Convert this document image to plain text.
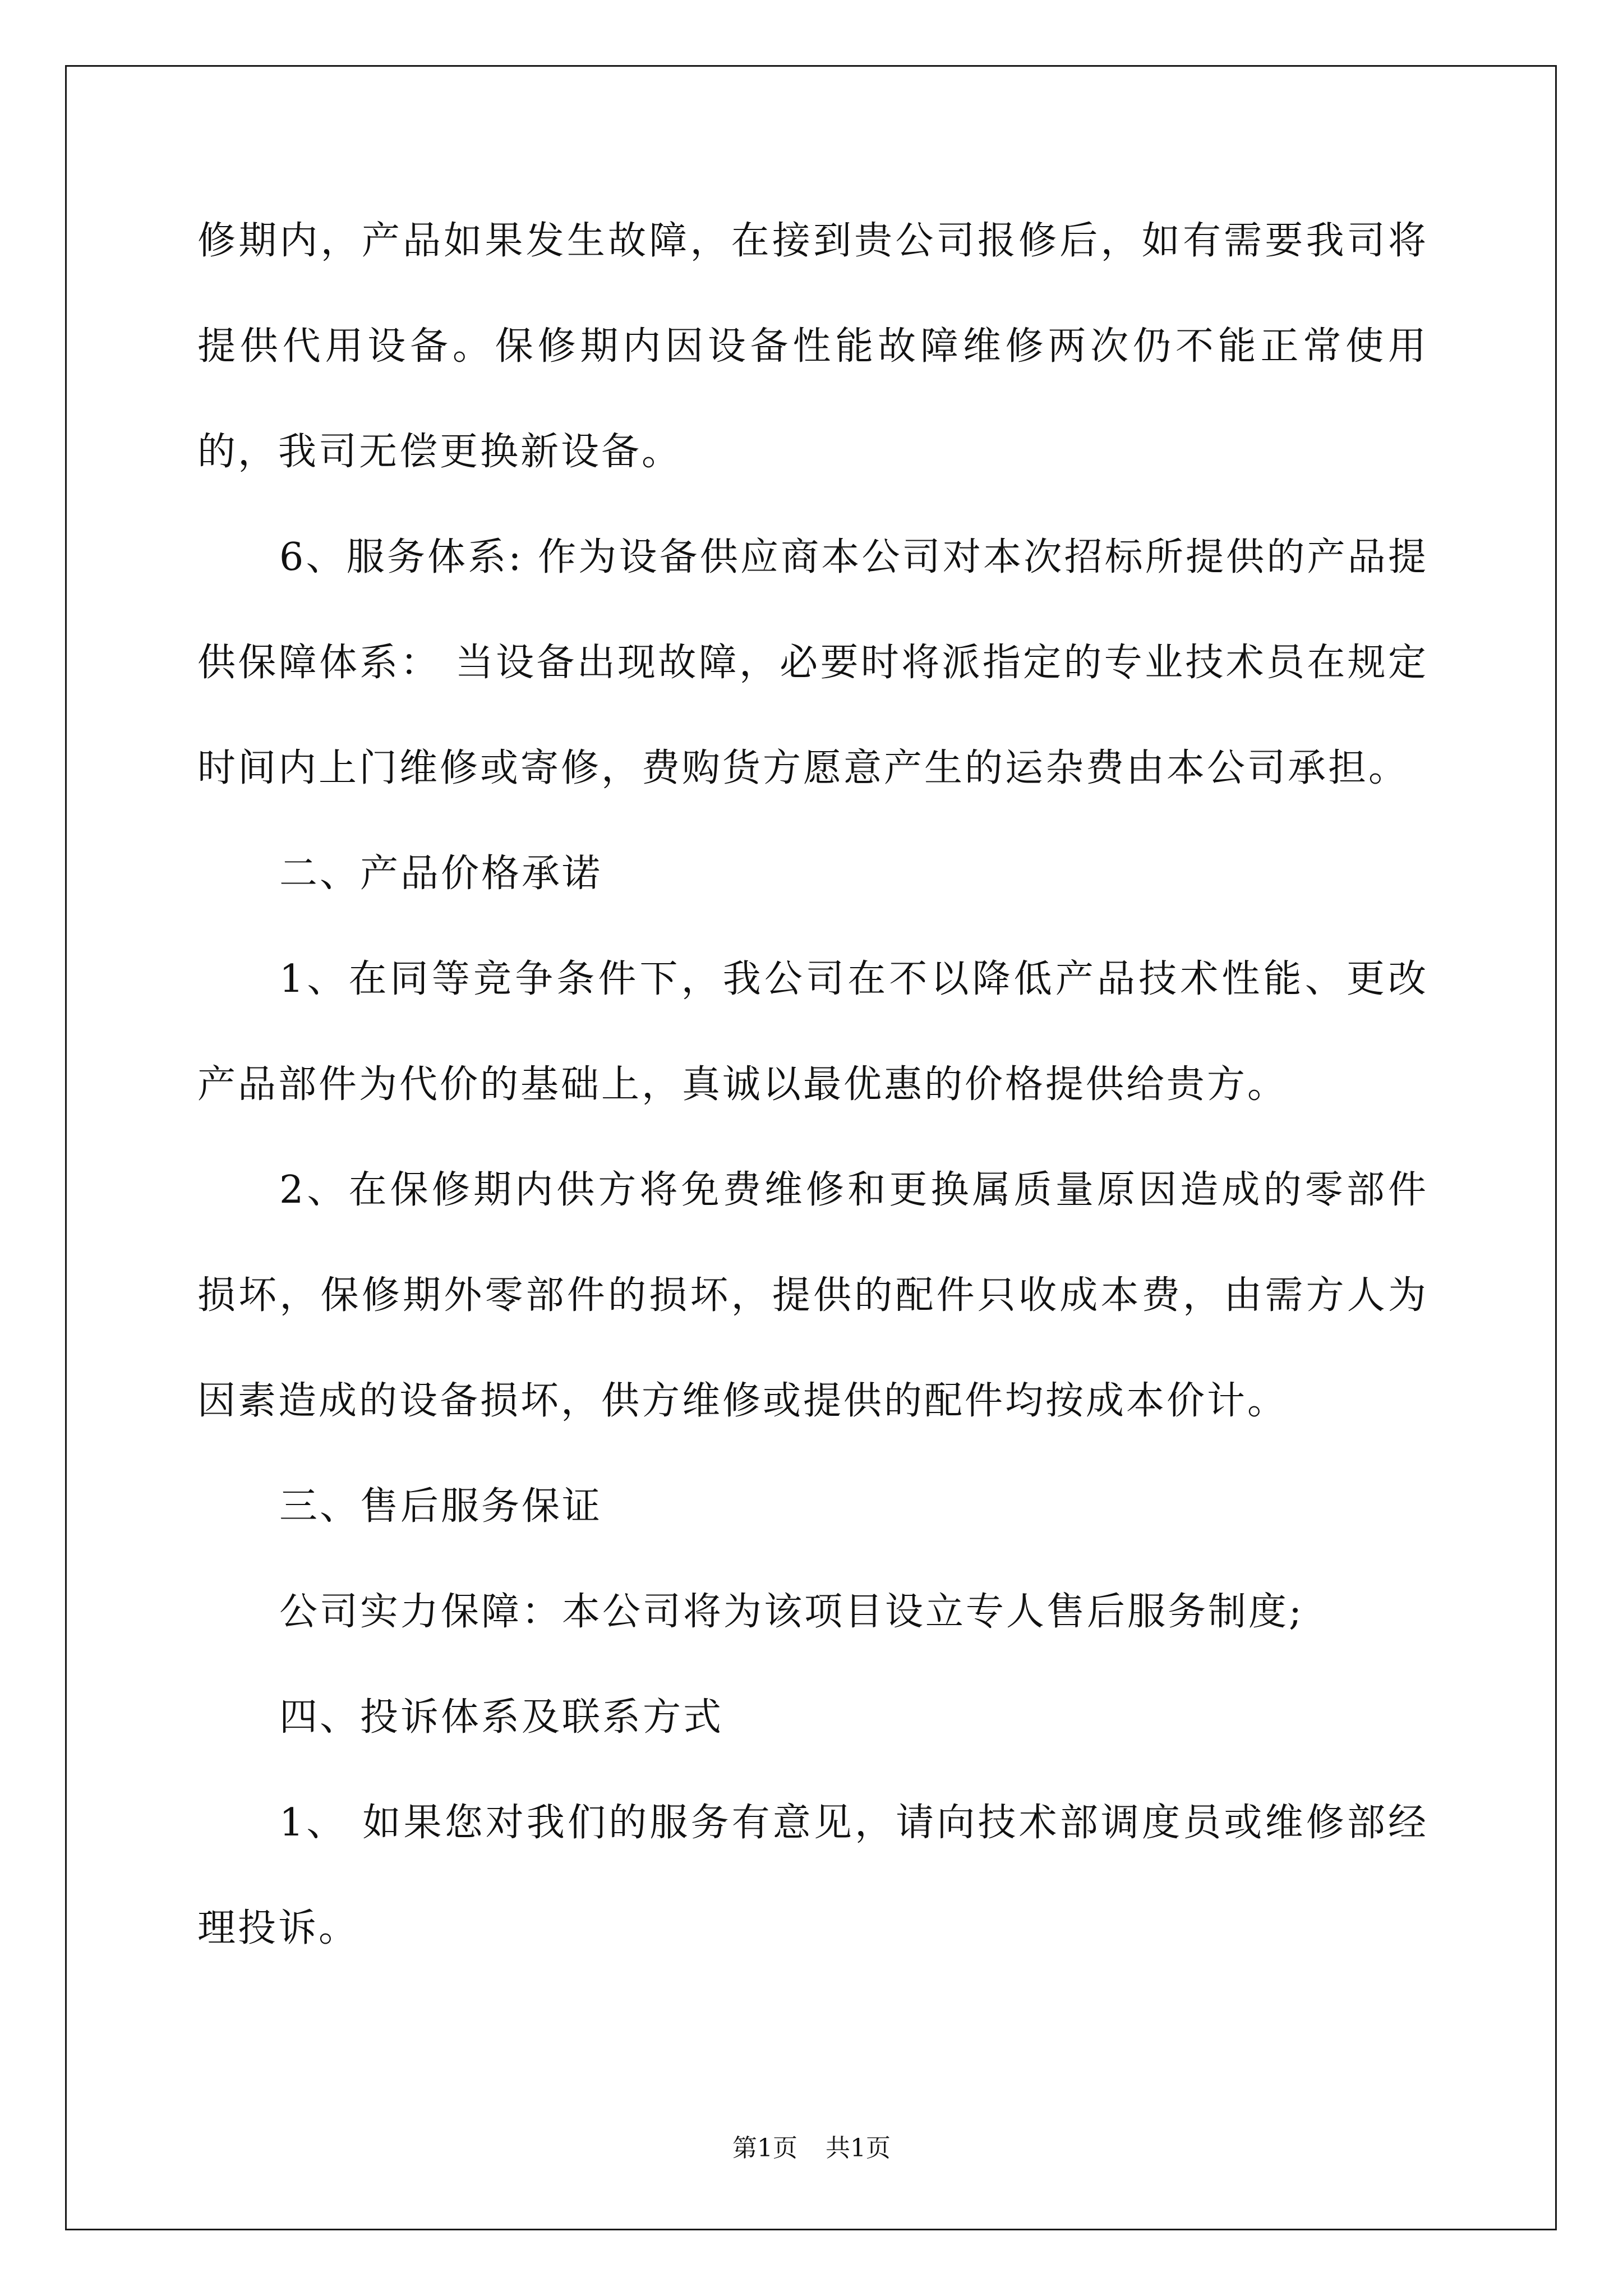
修期内，产品如果发生故障，在接到贵公司报修后，如有需要我司将提供代用设备。保修期内因设备性能故障维修两次仍不能正常使用的，我司无偿更换新设备。

6、服务体系: 作为设备供应商本公司对本次招标所提供的产品提供保障体系： 当设备出现故障，必要时将派指定的专业技术员在规定时间内上门维修或寄修，费购货方愿意产生的运杂费由本公司承担。

二、产品价格承诺

1、在同等竞争条件下，我公司在不以降低产品技术性能、更改产品部件为代价的基础上，真诚以最优惠的价格提供给贵方。

2、在保修期内供方将免费维修和更换属质量原因造成的零部件损坏，保修期外零部件的损坏，提供的配件只收成本费，由需方人为因素造成的设备损坏，供方维修或提供的配件均按成本价计。

三、售后服务保证

公司实力保障：本公司将为该项目设立专人售后服务制度;

四、投诉体系及联系方式

1、 如果您对我们的服务有意见，请向技术部调度员或维修部经理投诉。

第1页 共1页
